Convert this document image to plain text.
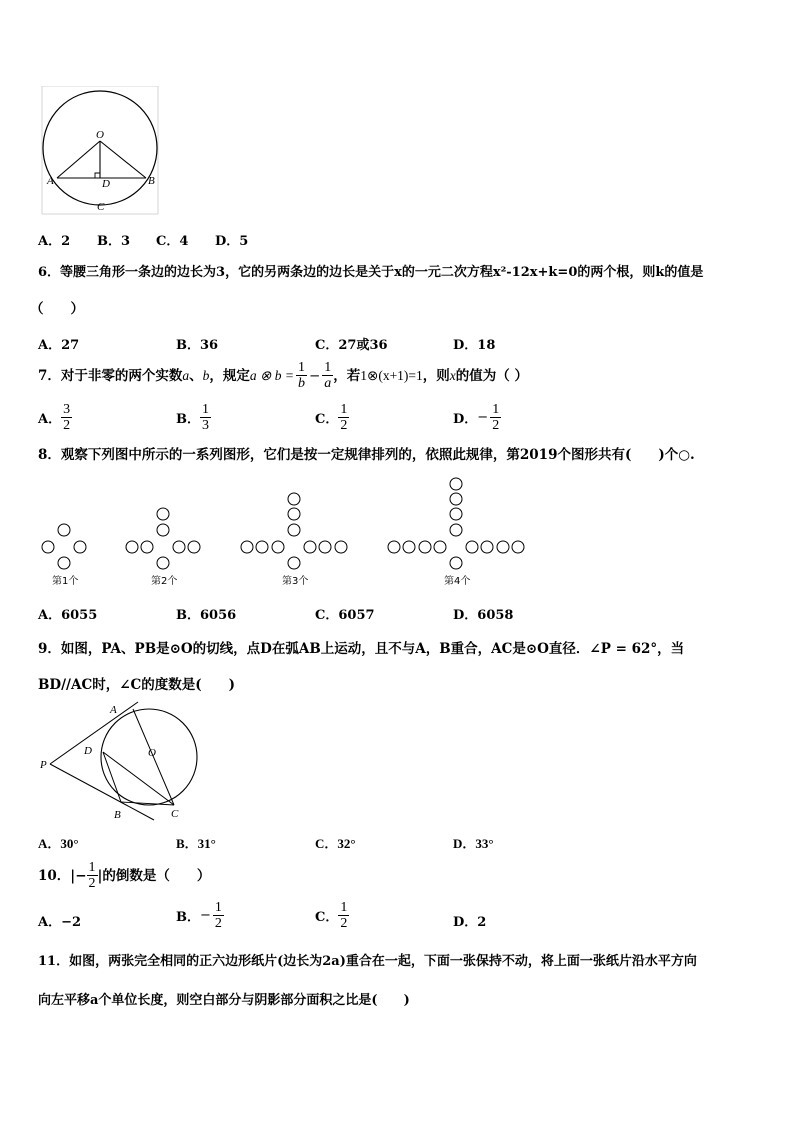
O
A	B
D
C
A．2 B．3 C．4 D．5
6．等腰三角形一条边的边长为3，它的另两条边的边长是关于x的一元二次方程x²-12x+k=0的两个根，则k的值是
（　　）
A．27	B．36	C．27或36	D．18
7．对于非零的两个实数 a 、 b ，规定 a ⊗ $b = \frac{1}{b} - \frac{1}{a}$ ，若 1⊗(x+1)=1 ，则 x 的值为（ ）
A． $\frac{3}{2}$	B． $\frac{1}{3}$	C． $\frac{1}{2}$	D． − $\frac{1}{2}$
8．观察下列图中所示的一系列图形，它们是按一定规律排列的，依照此规律，第2019个图形共有(　　)个○.
第1个	第2个	第3个	第4个
A．6055	B．6056	C．6057	D．6058
9．如图，PA、PB是⊙O的切线，点D在弧AB上运动，且不与A，B重合，AC是⊙O直径．∠P = 62°，当
BD//AC时，∠C的度数是(　　)
A
O
D
P
B	C
A．30°	B．31°	C．32°	D．33°
10．|− $\frac{1}{2}$ |的倒数是（　　）
A．−2	B． − $\frac{1}{2}$	C． $\frac{1}{2}$	D．2
11．如图，两张完全相同的正六边形纸片(边长为2a)重合在一起，下面一张保持不动，将上面一张纸片沿水平方向
向左平移a个单位长度，则空白部分与阴影部分面积之比是(　　)
